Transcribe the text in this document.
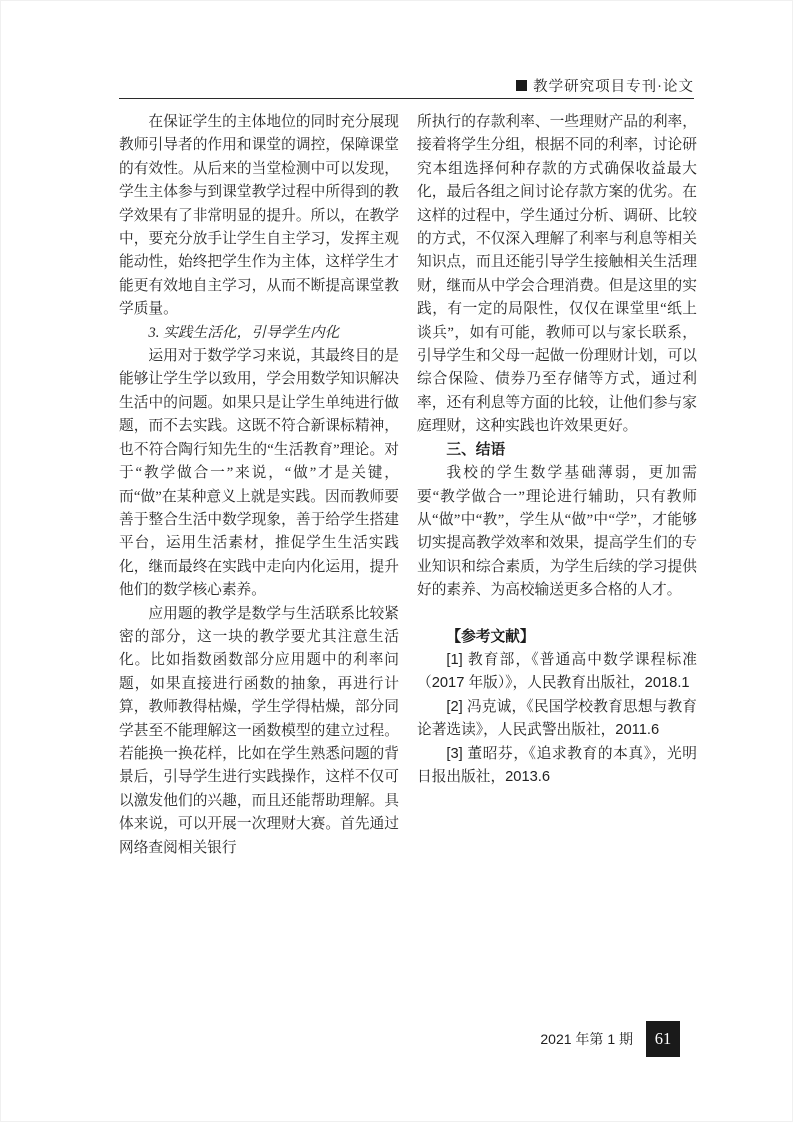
教学研究项目专刊·论文

在保证学生的主体地位的同时充分展现教师引导者的作用和课堂的调控，保障课堂的有效性。从后来的当堂检测中可以发现，学生主体参与到课堂教学过程中所得到的教学效果有了非常明显的提升。所以，在教学中，要充分放手让学生自主学习，发挥主观能动性，始终把学生作为主体，这样学生才能更有效地自主学习，从而不断提高课堂教学质量。

3. 实践生活化，引导学生内化

运用对于数学学习来说，其最终目的是能够让学生学以致用，学会用数学知识解决生活中的问题。如果只是让学生单纯进行做题，而不去实践。这既不符合新课标精神，也不符合陶行知先生的“生活教育”理论。对于“教学做合一”来说，“做”才是关键，而“做”在某种意义上就是实践。因而教师要善于整合生活中数学现象，善于给学生搭建平台，运用生活素材，推促学生生活实践化，继而最终在实践中走向内化运用，提升他们的数学核心素养。

应用题的教学是数学与生活联系比较紧密的部分，这一块的教学要尤其注意生活化。比如指数函数部分应用题中的利率问题，如果直接进行函数的抽象，再进行计算，教师教得枯燥，学生学得枯燥，部分同学甚至不能理解这一函数模型的建立过程。若能换一换花样，比如在学生熟悉问题的背景后，引导学生进行实践操作，这样不仅可以激发他们的兴趣，而且还能帮助理解。具体来说，可以开展一次理财大赛。首先通过网络查阅相关银行

所执行的存款利率、一些理财产品的利率，接着将学生分组，根据不同的利率，讨论研究本组选择何种存款的方式确保收益最大化，最后各组之间讨论存款方案的优劣。在这样的过程中，学生通过分析、调研、比较的方式，不仅深入理解了利率与利息等相关知识点，而且还能引导学生接触相关生活理财，继而从中学会合理消费。但是这里的实践，有一定的局限性，仅仅在课堂里“纸上谈兵”，如有可能，教师可以与家长联系，引导学生和父母一起做一份理财计划，可以综合保险、债券乃至存储等方式，通过利率，还有利息等方面的比较，让他们参与家庭理财，这种实践也许效果更好。

三、结语

我校的学生数学基础薄弱，更加需要“教学做合一”理论进行辅助，只有教师从“做”中“教”，学生从“做”中“学”，才能够切实提高教学效率和效果，提高学生们的专业知识和综合素质，为学生后续的学习提供好的素养、为高校输送更多合格的人才。

【参考文献】

[1] 教育部，《普通高中数学课程标准（2017 年版）》，人民教育出版社，2018.1

[2] 冯克诚，《民国学校教育思想与教育论著选读》，人民武警出版社，2011.6

[3] 董昭芬，《追求教育的本真》，光明日报出版社，2013.6

2021 年第 1 期	61
